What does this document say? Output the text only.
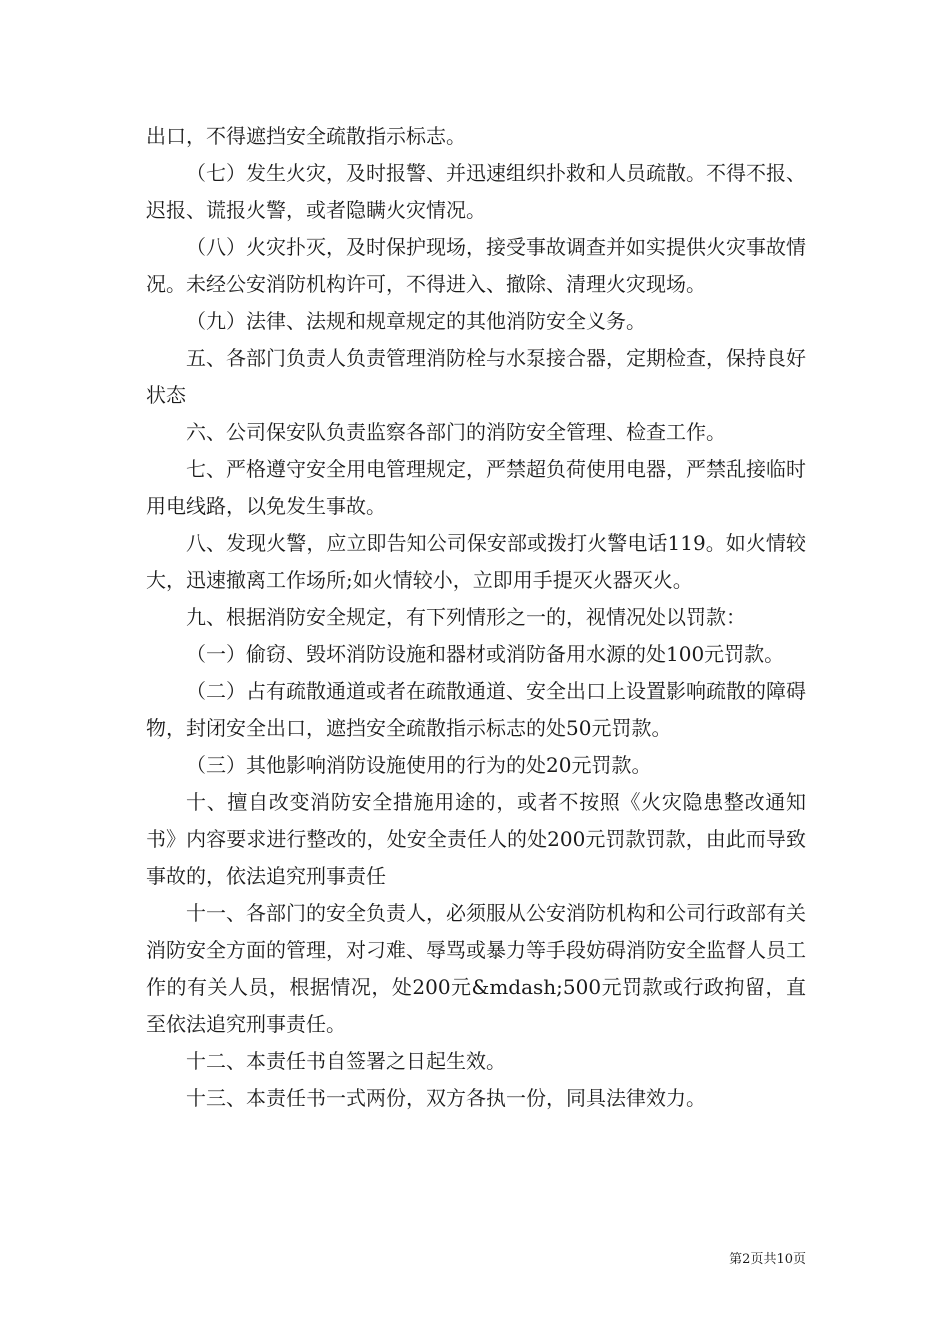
出口，不得遮挡安全疏散指示标志。

（七）发生火灾，及时报警、并迅速组织扑救和人员疏散。不得不报、迟报、谎报火警，或者隐瞒火灾情况。

（八）火灾扑灭，及时保护现场，接受事故调查并如实提供火灾事故情况。未经公安消防机构许可，不得进入、撤除、清理火灾现场。

（九）法律、法规和规章规定的其他消防安全义务。

五、各部门负责人负责管理消防栓与水泵接合器，定期检查，保持良好状态

六、公司保安队负责监察各部门的消防安全管理、检查工作。

七、严格遵守安全用电管理规定，严禁超负荷使用电器，严禁乱接临时用电线路，以免发生事故。

八、发现火警，应立即告知公司保安部或拨打火警电话119。如火情较大，迅速撤离工作场所;如火情较小，立即用手提灭火器灭火。

九、根据消防安全规定，有下列情形之一的，视情况处以罚款：

（一）偷窃、毁坏消防设施和器材或消防备用水源的处100元罚款。

（二）占有疏散通道或者在疏散通道、安全出口上设置影响疏散的障碍物，封闭安全出口，遮挡安全疏散指示标志的处50元罚款。

（三）其他影响消防设施使用的行为的处20元罚款。

十、擅自改变消防安全措施用途的，或者不按照《火灾隐患整改通知书》内容要求进行整改的，处安全责任人的处200元罚款罚款，由此而导致事故的，依法追究刑事责任

十一、各部门的安全负责人，必须服从公安消防机构和公司行政部有关消防安全方面的管理，对刁难、辱骂或暴力等手段妨碍消防安全监督人员工作的有关人员，根据情况，处200元&mdash;500元罚款或行政拘留，直至依法追究刑事责任。

十二、本责任书自签署之日起生效。

十三、本责任书一式两份，双方各执一份，同具法律效力。

第2页共10页
